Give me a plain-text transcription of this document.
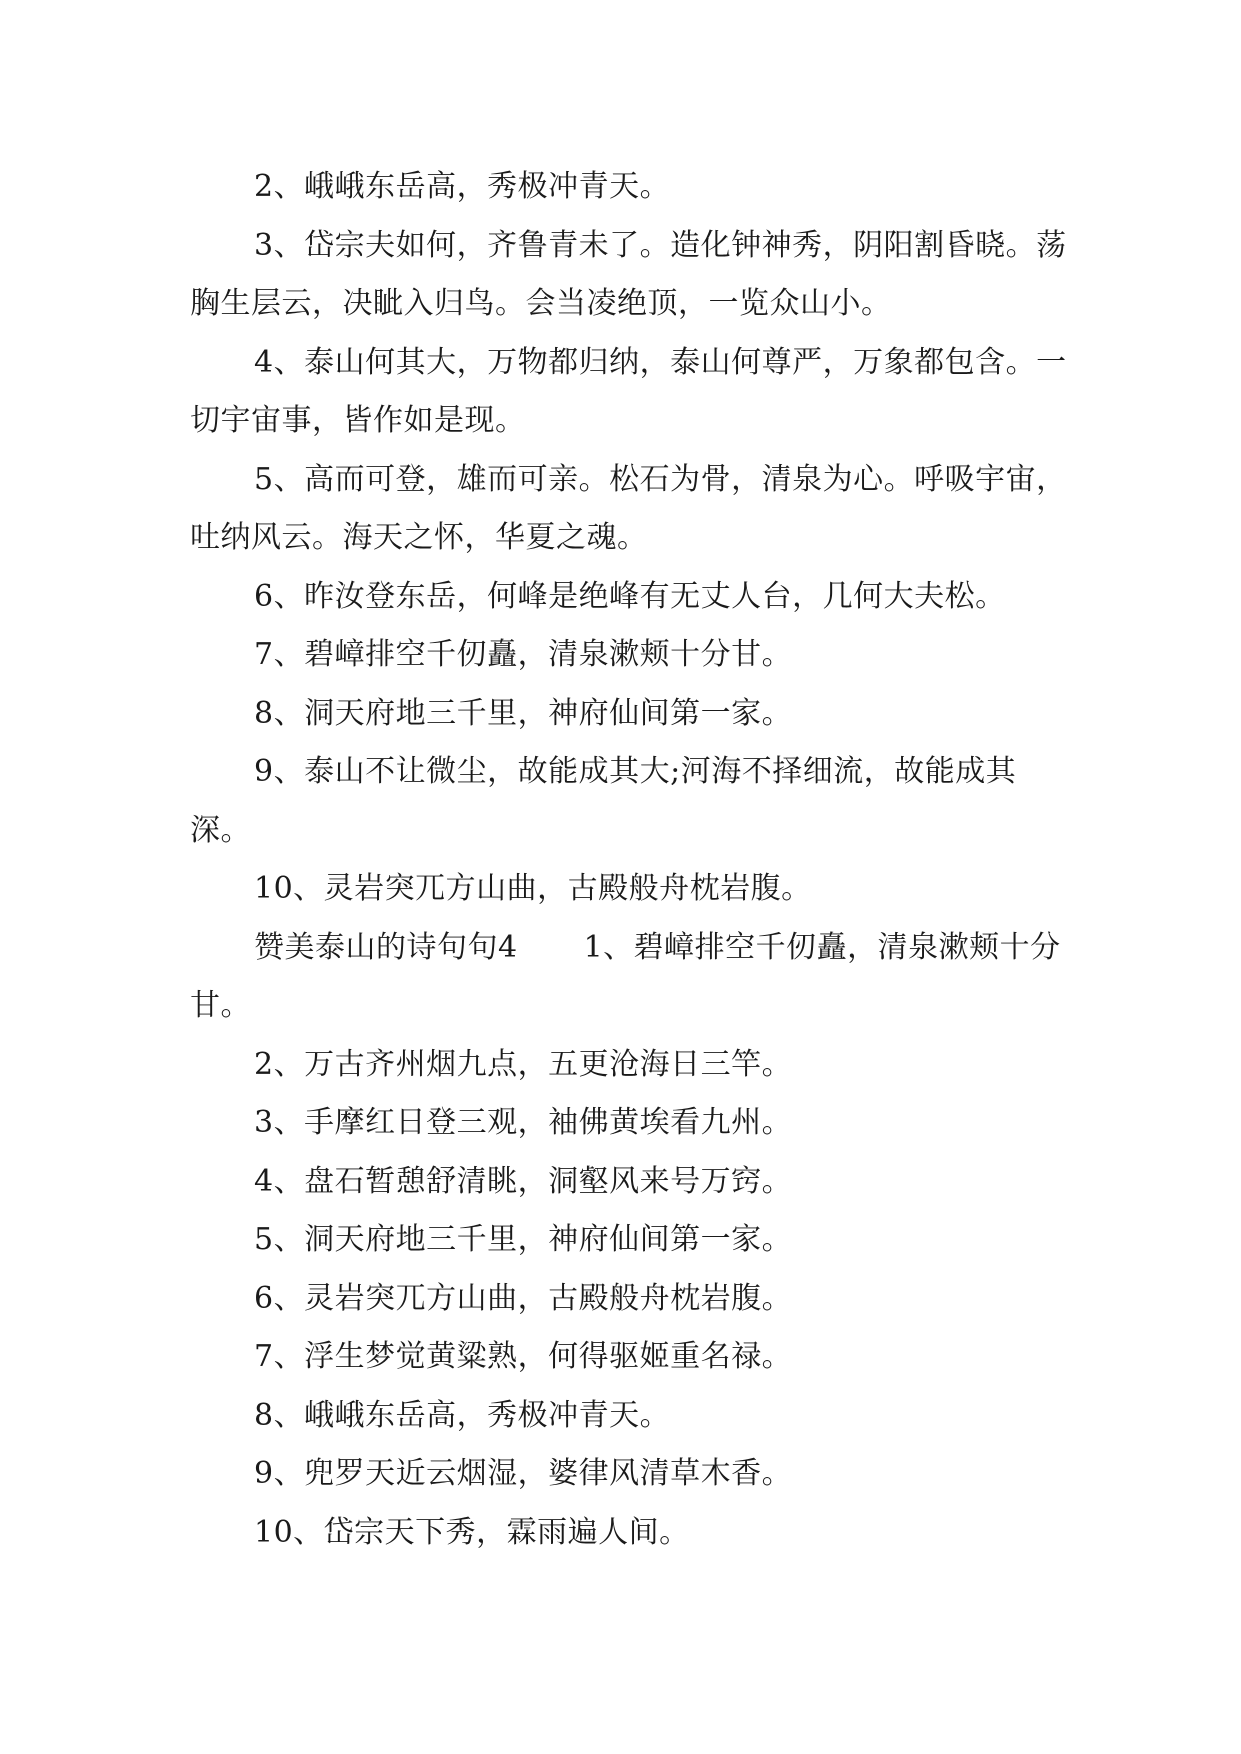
2、峨峨东岳高，秀极冲青天。

3、岱宗夫如何，齐鲁青未了。造化钟神秀，阴阳割昏晓。荡胸生层云，决眦入归鸟。会当凌绝顶，一览众山小。

4、泰山何其大，万物都归纳，泰山何尊严，万象都包含。一切宇宙事，皆作如是现。

5、高而可登，雄而可亲。松石为骨，清泉为心。呼吸宇宙，吐纳风云。海天之怀，华夏之魂。

6、昨汝登东岳，何峰是绝峰有无丈人台，几何大夫松。

7、碧嶂排空千仞矗，清泉漱颊十分甘。

8、洞天府地三千里，神府仙间第一家。

9、泰山不让微尘，故能成其大;河海不择细流，故能成其深。

10、灵岩突兀方山曲，古殿般舟枕岩腹。

赞美泰山的诗句句4 1、碧嶂排空千仞矗，清泉漱颊十分甘。

2、万古齐州烟九点，五更沧海日三竿。

3、手摩红日登三观，袖佛黄埃看九州。

4、盘石暂憩舒清眺，洞壑风来号万窍。

5、洞天府地三千里，神府仙间第一家。

6、灵岩突兀方山曲，古殿般舟枕岩腹。

7、浮生梦觉黄粱熟，何得驱姬重名禄。

8、峨峨东岳高，秀极冲青天。

9、兜罗天近云烟湿，婆律风清草木香。

10、岱宗天下秀，霖雨遍人间。
